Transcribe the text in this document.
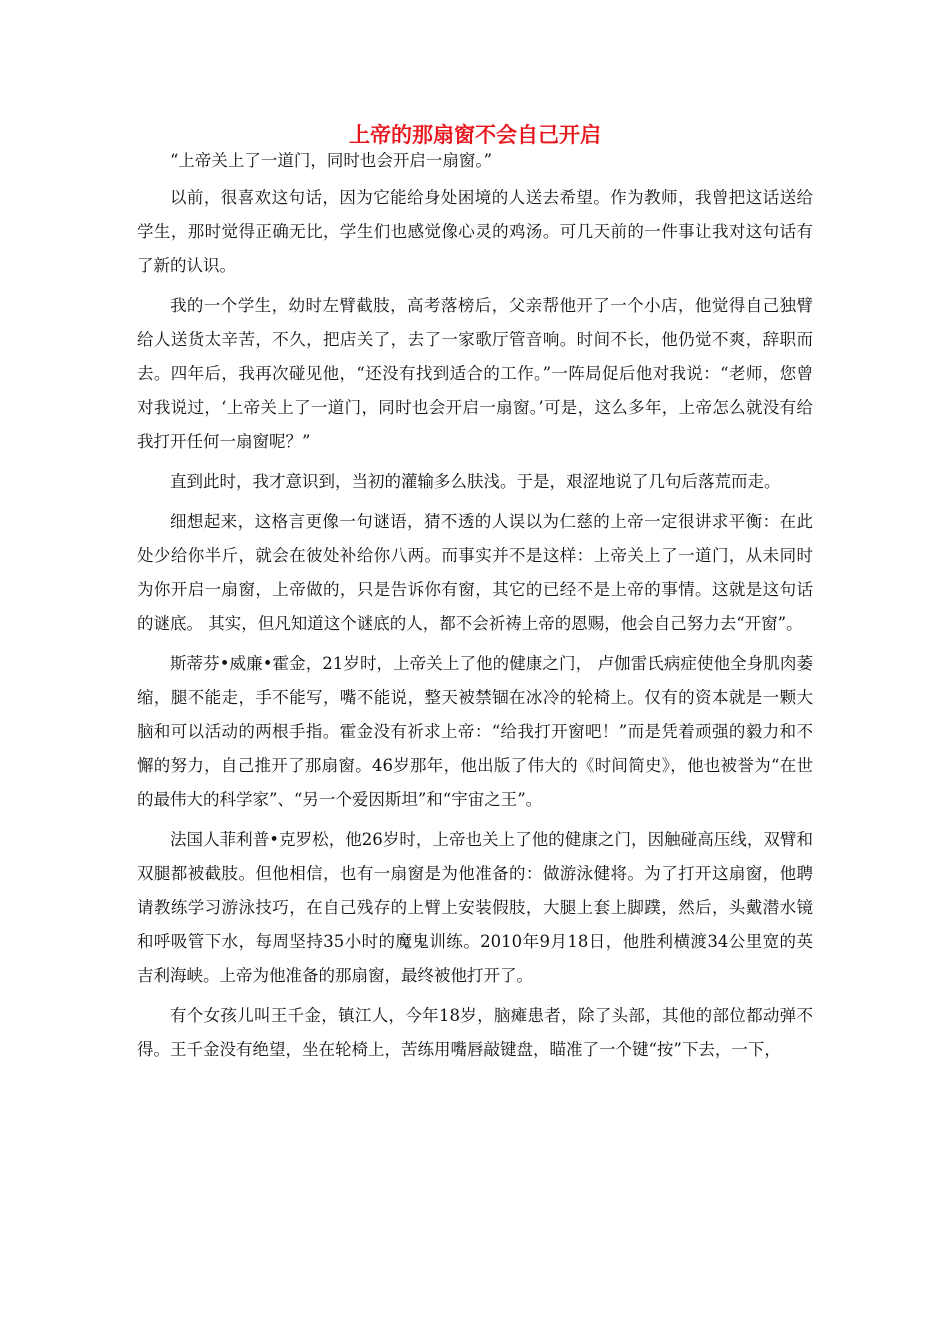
上帝的那扇窗不会自己开启

“上帝关上了一道门，同时也会开启一扇窗。”

以前，很喜欢这句话，因为它能给身处困境的人送去希望。作为教师，我曾把这话送给学生，那时觉得正确无比，学生们也感觉像心灵的鸡汤。可几天前的一件事让我对这句话有了新的认识。

我的一个学生，幼时左臂截肢，高考落榜后，父亲帮他开了一个小店，他觉得自己独臂给人送货太辛苦，不久，把店关了，去了一家歌厅管音响。时间不长，他仍觉不爽，辞职而去。四年后，我再次碰见他，“还没有找到适合的工作。”一阵局促后他对我说：“老师，您曾对我说过，‘上帝关上了一道门，同时也会开启一扇窗。’可是，这么多年，上帝怎么就没有给我打开任何一扇窗呢？”

直到此时，我才意识到，当初的灌输多么肤浅。于是，艰涩地说了几句后落荒而走。

细想起来，这格言更像一句谜语，猜不透的人误以为仁慈的上帝一定很讲求平衡：在此处少给你半斤，就会在彼处补给你八两。而事实并不是这样：上帝关上了一道门，从未同时为你开启一扇窗，上帝做的，只是告诉你有窗，其它的已经不是上帝的事情。这就是这句话的谜底。 其实，但凡知道这个谜底的人，都不会祈祷上帝的恩赐，他会自己努力去“开窗”。

斯蒂芬•威廉•霍金，21岁时，上帝关上了他的健康之门， 卢伽雷氏病症使他全身肌肉萎缩，腿不能走，手不能写，嘴不能说，整天被禁锢在冰冷的轮椅上。仅有的资本就是一颗大脑和可以活动的两根手指。霍金没有祈求上帝：“给我打开窗吧！”而是凭着顽强的毅力和不懈的努力，自己推开了那扇窗。46岁那年，他出版了伟大的《时间简史》，他也被誉为“在世的最伟大的科学家”、“另一个爱因斯坦”和“宇宙之王”。

法国人菲利普•克罗松，他26岁时，上帝也关上了他的健康之门，因触碰高压线，双臂和双腿都被截肢。但他相信，也有一扇窗是为他准备的：做游泳健将。为了打开这扇窗，他聘请教练学习游泳技巧，在自己残存的上臂上安装假肢，大腿上套上脚蹼，然后，头戴潜水镜和呼吸管下水，每周坚持35小时的魔鬼训练。2010年9月18日，他胜利横渡34公里宽的英吉利海峡。上帝为他准备的那扇窗，最终被他打开了。

有个女孩儿叫王千金，镇江人，今年18岁，脑瘫患者，除了头部，其他的部位都动弹不得。王千金没有绝望，坐在轮椅上，苦练用嘴唇敲键盘，瞄准了一个键“按”下去，一下，
